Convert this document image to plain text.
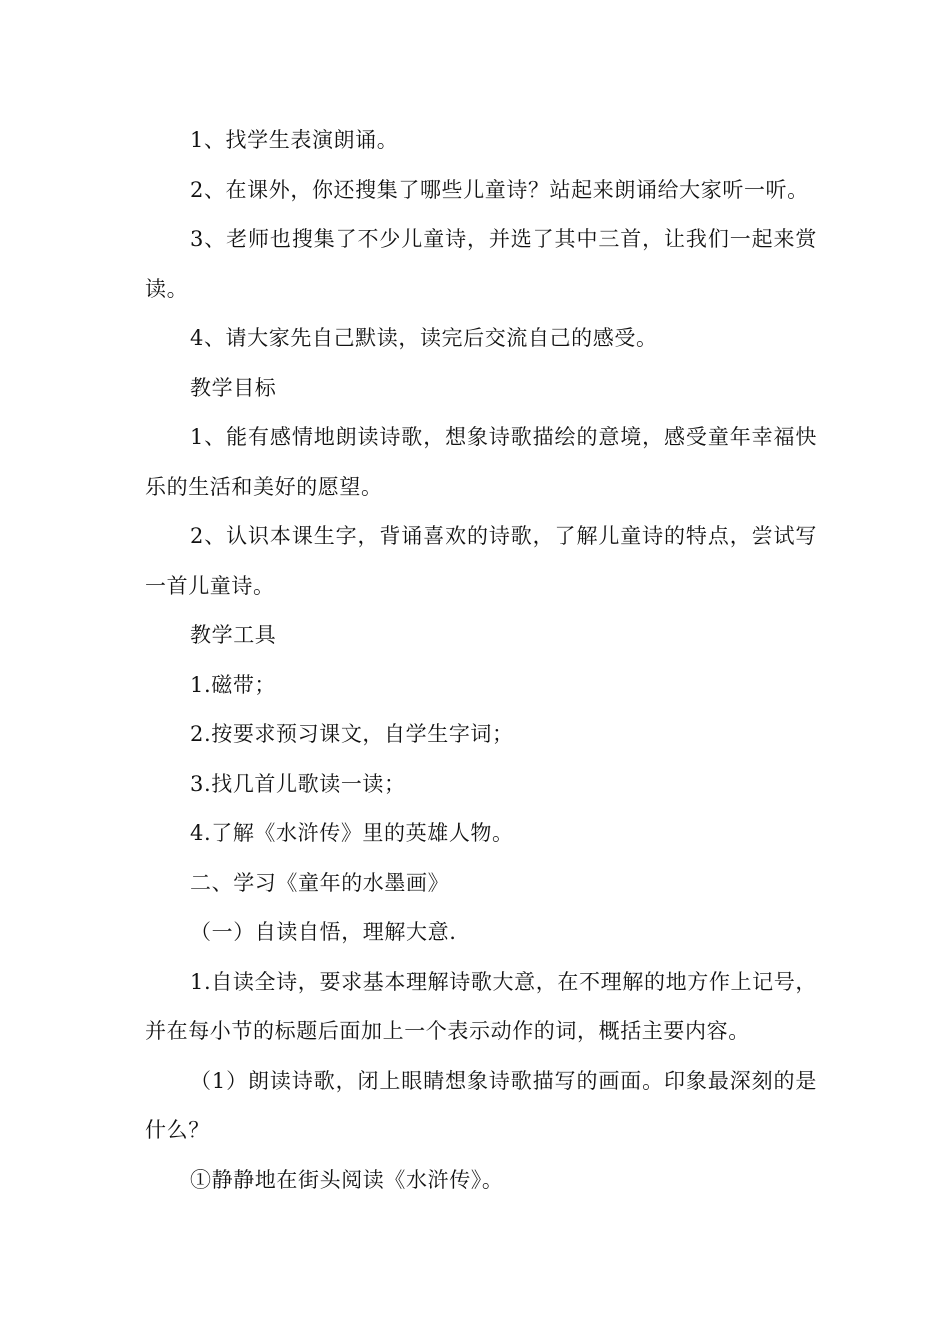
1、找学生表演朗诵。

2、在课外，你还搜集了哪些儿童诗？站起来朗诵给大家听一听。

3、老师也搜集了不少儿童诗，并选了其中三首，让我们一起来赏读。

4、请大家先自己默读，读完后交流自己的感受。

教学目标

1、能有感情地朗读诗歌，想象诗歌描绘的意境，感受童年幸福快乐的生活和美好的愿望。

2、认识本课生字，背诵喜欢的诗歌，了解儿童诗的特点，尝试写一首儿童诗。

教学工具

1.磁带；

2.按要求预习课文，自学生字词；

3.找几首儿歌读一读；

4.了解《水浒传》里的英雄人物。

二、学习《童年的水墨画》

（一）自读自悟，理解大意.

1.自读全诗，要求基本理解诗歌大意，在不理解的地方作上记号，并在每小节的标题后面加上一个表示动作的词，概括主要内容。

（1）朗读诗歌，闭上眼睛想象诗歌描写的画面。印象最深刻的是什么？

①静静地在街头阅读《水浒传》。
